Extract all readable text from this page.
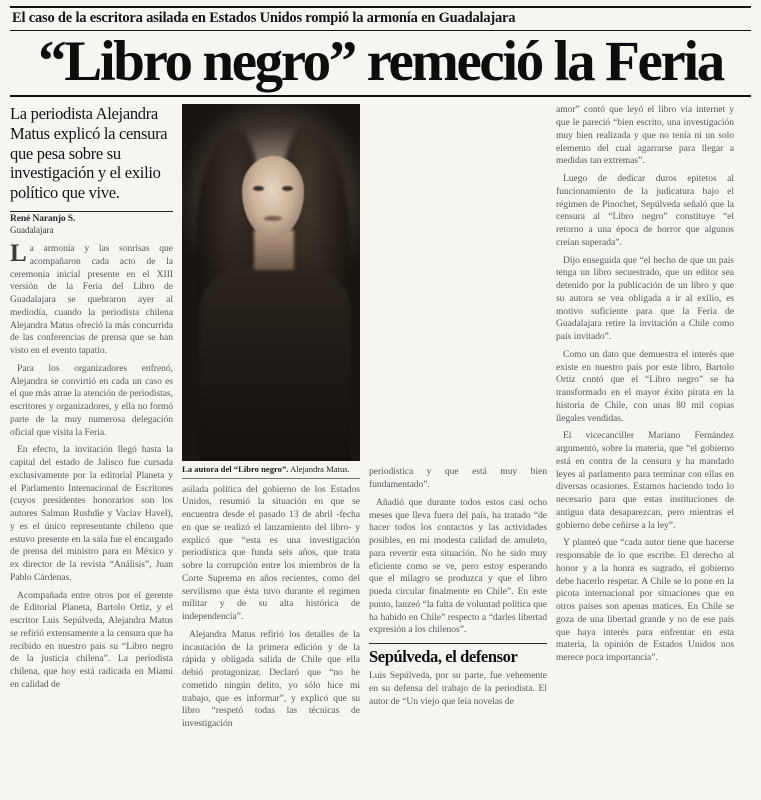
El caso de la escritora asilada en Estados Unidos rompió la armonía en Guadalajara
“Libro negro” remeció la Feria
La periodista Alejandra Matus explicó la censura que pesa sobre su investigación y el exilio político que vive.
René Naranjo S.
Guadalajara

La armonía y las sonrisas que acompañaron cada acto de la ceremonia inicial presente en el XIII versión de la Feria del Libro de Guadalajara se quebraron ayer al mediodía, cuando la periodista chilena Alejandra Matus ofreció la más concurrida de las conferencias de prensa que se han visto en el evento tapatío.

Para los organizadores enfrenó, Alejandra se convirtió en cada un caso es el que más atrae la atención de periodistas, escritores y organizadores, y ella no formó parte de la muy numerosa delegación oficial que visita la Feria.

En efecto, la invitación llegó hasta la capital del estado de Jalisco fue cursada exclusivamente por la editorial Planeta y el Parlamento Internacional de Escritores (cuyos presidentes honorarios son los autores Salman Rushdie y Vaclav Havel), y es el único representante chileno que estuvo presente en la sala fue el encargado de prensa del ministro para en México y ex director de la revista “Análisis”, Juan Pablo Cárdenas.

Acompañada entre otros por el gerente de Editorial Planeta, Bartolo Ortiz, y el escritor Luis Sepúlveda, Alejandra Matus se refirió extensamente a la censura que ha recibido en nuestro país su “Libro negro de la justicia chilena”. La periodista chilena, que hoy está radicada en Miami en calidad de

La autora del “Libro negro”. Alejandra Matus.

asilada política del gobierno de los Estados Unidos, resumió la situación en que se encuentra desde el pasado 13 de abril -fecha en que se realizó el lanzamiento del libro- y explicó que “esta es una investigación periodística que funda seis años, que trata sobre la corrupción entre los miembros de la Corte Suprema en años recientes, como del servilismo que ésta tuvo durante el regimen militar y de su alta histórica de independencia”.

Alejandra Matus refirió los detalles de la incautación de la primera edición y de la rápida y obligada salida de Chile que ella debió protagonizar. Declaró que “no he cometido ningún delito, yo sólo hice mi trabajo, que es informar”, y explicó que su libro “respetó todas las técnicas de investigación

periodística y que está muy bien fundamentado”.

Añadió que durante todos estos casi ocho meses que lleva fuera del país, ha tratado “de hacer todos los contactos y las actividades posibles, en mi modesta calidad de amuleto, para revertir esta situación. No he sido muy eficiente como se ve, pero estoy esperando que el milagro se produzca y que el libro pueda circular finalmente en Chile”. En este punto, lanzeó “la falta de voluntad política que ha habido en Chile” respecto a “darles libertad expresión a los chilenos”.

Sepúlveda, el defensor

Luis Sepúlveda, por su parte, fue vehemente en su defensa del trabajo de la periodista. El autor de “Un viejo que leía novelas de

amor” contó que leyó el libro vía internet y que le pareció “bien escrito, una investigación muy bien realizada y que no tenía ni un solo elemento del cual agarrarse para llegar a medidas tan extremas”.

Luego de dedicar duros epítetos al funcionamiento de la judicatura bajo el régimen de Pinochet, Sepúlveda señaló que la censura al “Libro negro” constituye “el retorno a una época de horror que algunos creían superada”.

Dijo enseguida que “el hecho de que un país tenga un libro secuestrado, que un editor sea detenido por la publicación de un libro y que su autora se vea obligada a ir al exilio, es motivo suficiente para que la Feria de Guadalajara retire la invitación a Chile como país invitado”.

Como un dato que demuestra el interés que existe en nuestro país por este libro, Bartolo Ortiz contó que el “Libro negro” se ha transformado en el mayor éxito pirata en la historia de Chile, con unas 80 mil copias ilegales vendidas.

El vicecanciller Mariano Fernández argumentó, sobre la materia, que “el gobierno está en contra de la censura y ha mandado leyes al parlamento para terminar con ellas en diversas ocasiones. Estamos haciendo todo lo necesario para que estas instituciones de antigua data desaparezcan, pero mientras el gobierno debe ceñirse a la ley”.

Y planteó que “cada autor tiene que hacerse responsable de lo que escribe. El derecho al honor y a la honra es sagrado, el gobierno debe hacerlo respetar. A Chile se lo pone en la picota internacional por situaciones que en otros países son apenas matices. En Chile se goza de una libertad grande y no de ese país que haya interés para enfrentar en esta materia, la opinión de Estados Unidos nos merece poca importancia”.
